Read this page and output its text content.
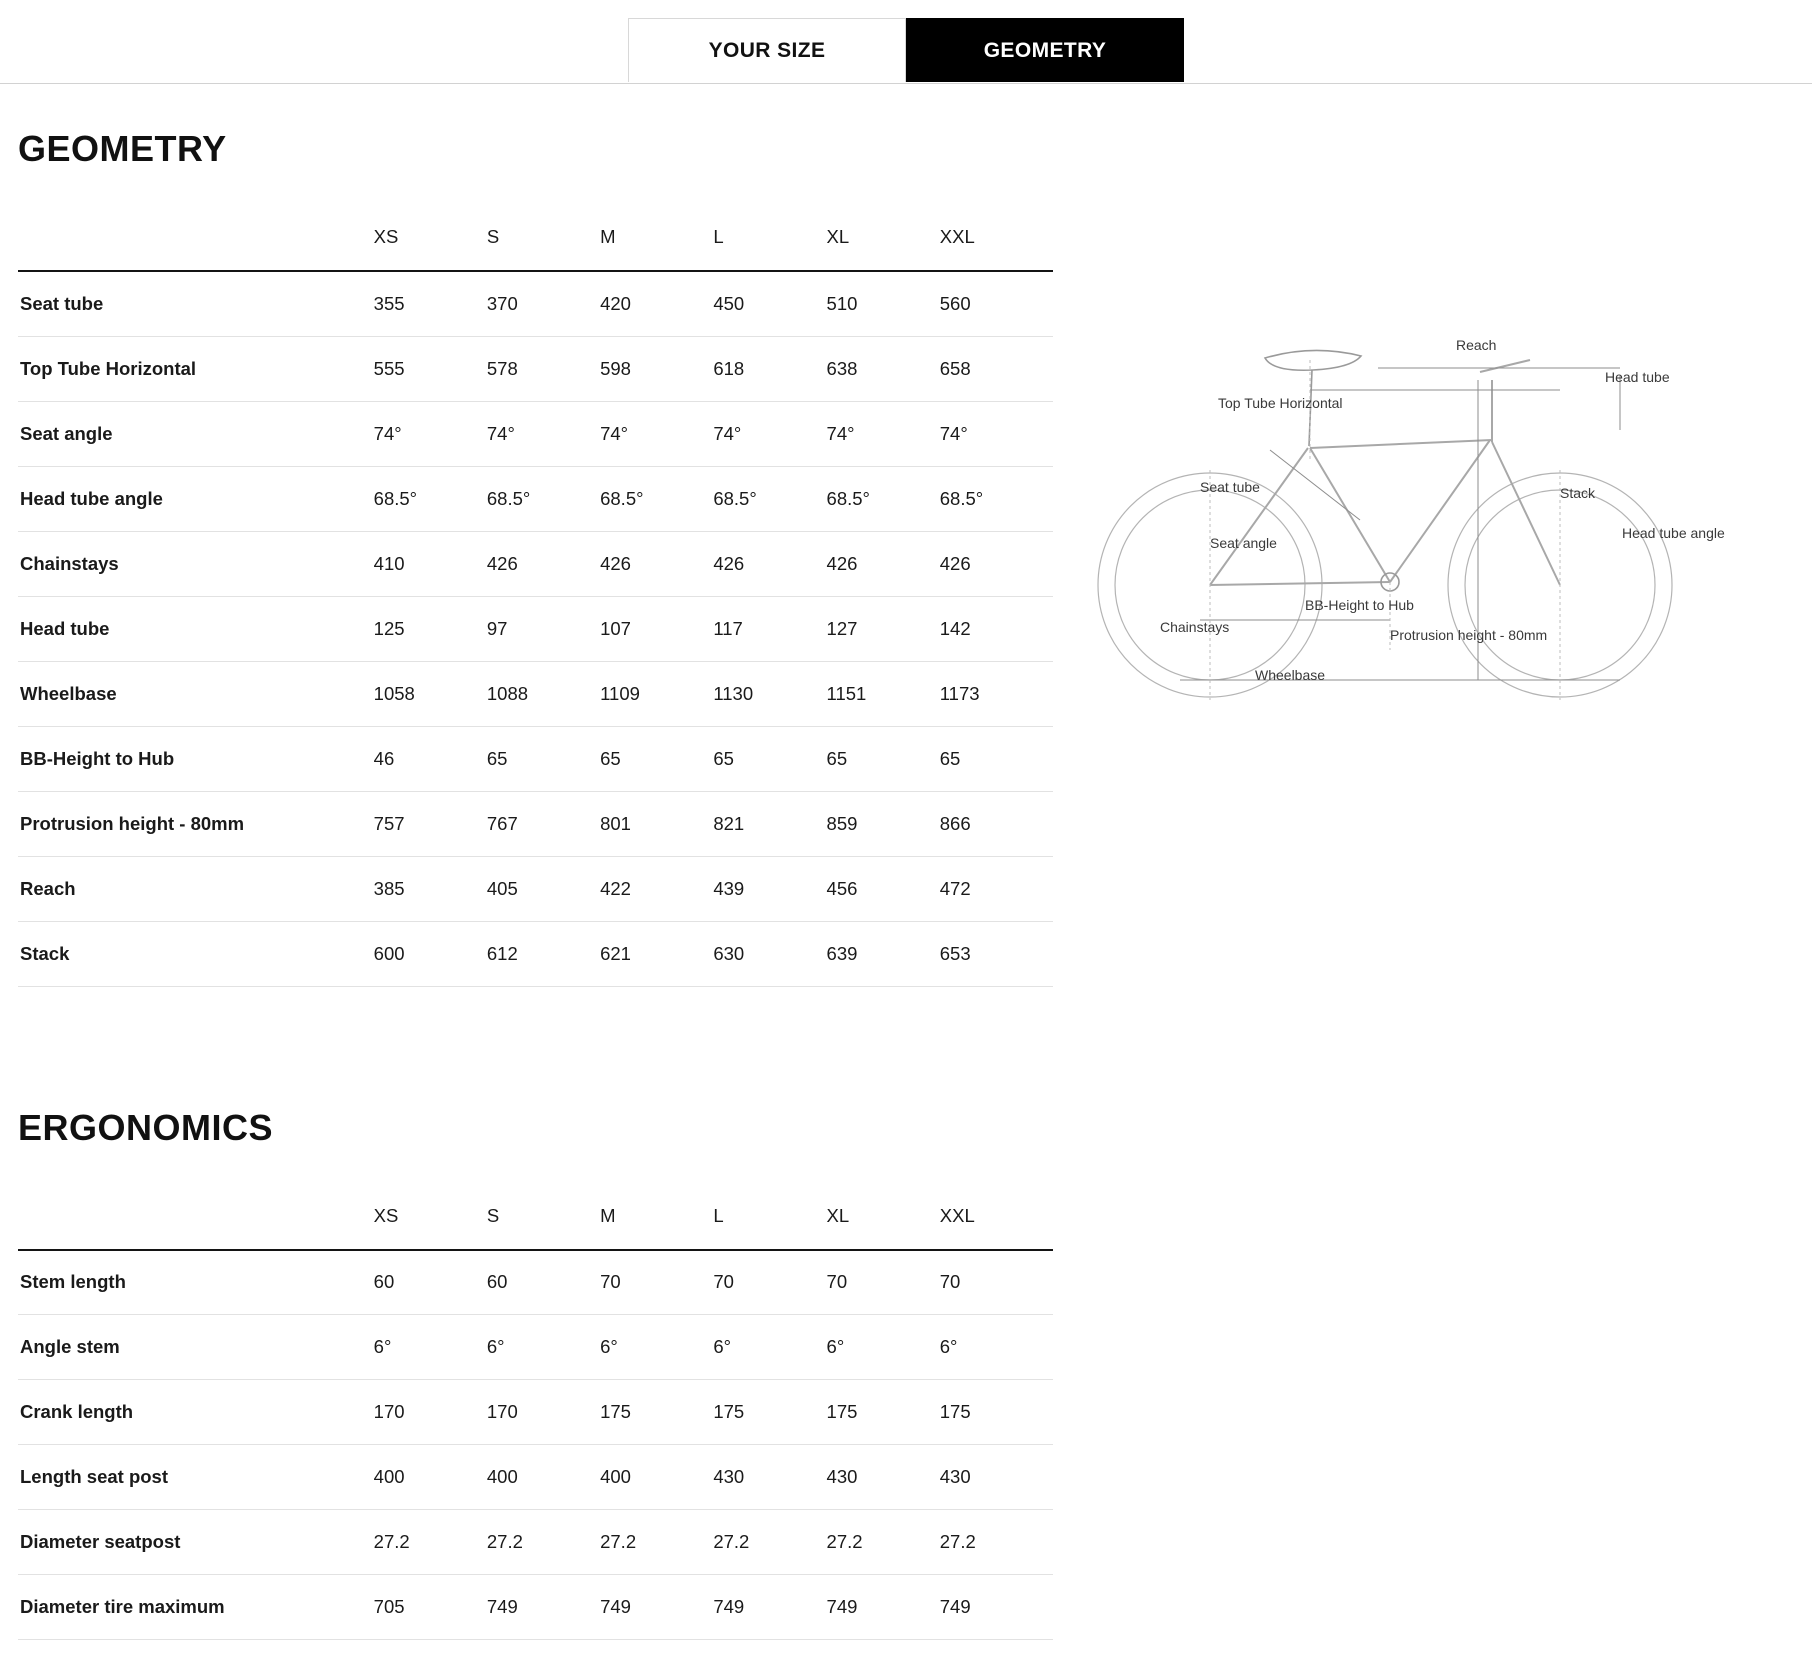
YOUR SIZE	GEOMETRY
GEOMETRY
	XS	S	M	L	XL	XXL
Seat tube	355	370	420	450	510	560
Top Tube Horizontal	555	578	598	618	638	658
Seat angle	74°	74°	74°	74°	74°	74°
Head tube angle	68.5°	68.5°	68.5°	68.5°	68.5°	68.5°
Chainstays	410	426	426	426	426	426
Head tube	125	97	107	117	127	142
Wheelbase	1058	1088	1109	1130	1151	1173
BB-Height to Hub	46	65	65	65	65	65
Protrusion height - 80mm	757	767	801	821	859	866
Reach	385	405	422	439	456	472
Stack	600	612	621	630	639	653
Reach
Head tube
Top Tube Horizontal
Seat tube	Stack
Seat angle
Head tube angle
BB-Height to Hub
Chainstays	Protrusion height - 80mm
Wheelbase
ERGONOMICS
	XS	S	M	L	XL	XXL
Stem length	60	60	70	70	70	70
Angle stem	6°	6°	6°	6°	6°	6°
Crank length	170	170	175	175	175	175
Length seat post	400	400	400	430	430	430
Diameter seatpost	27.2	27.2	27.2	27.2	27.2	27.2
Diameter tire maximum	705	749	749	749	749	749
